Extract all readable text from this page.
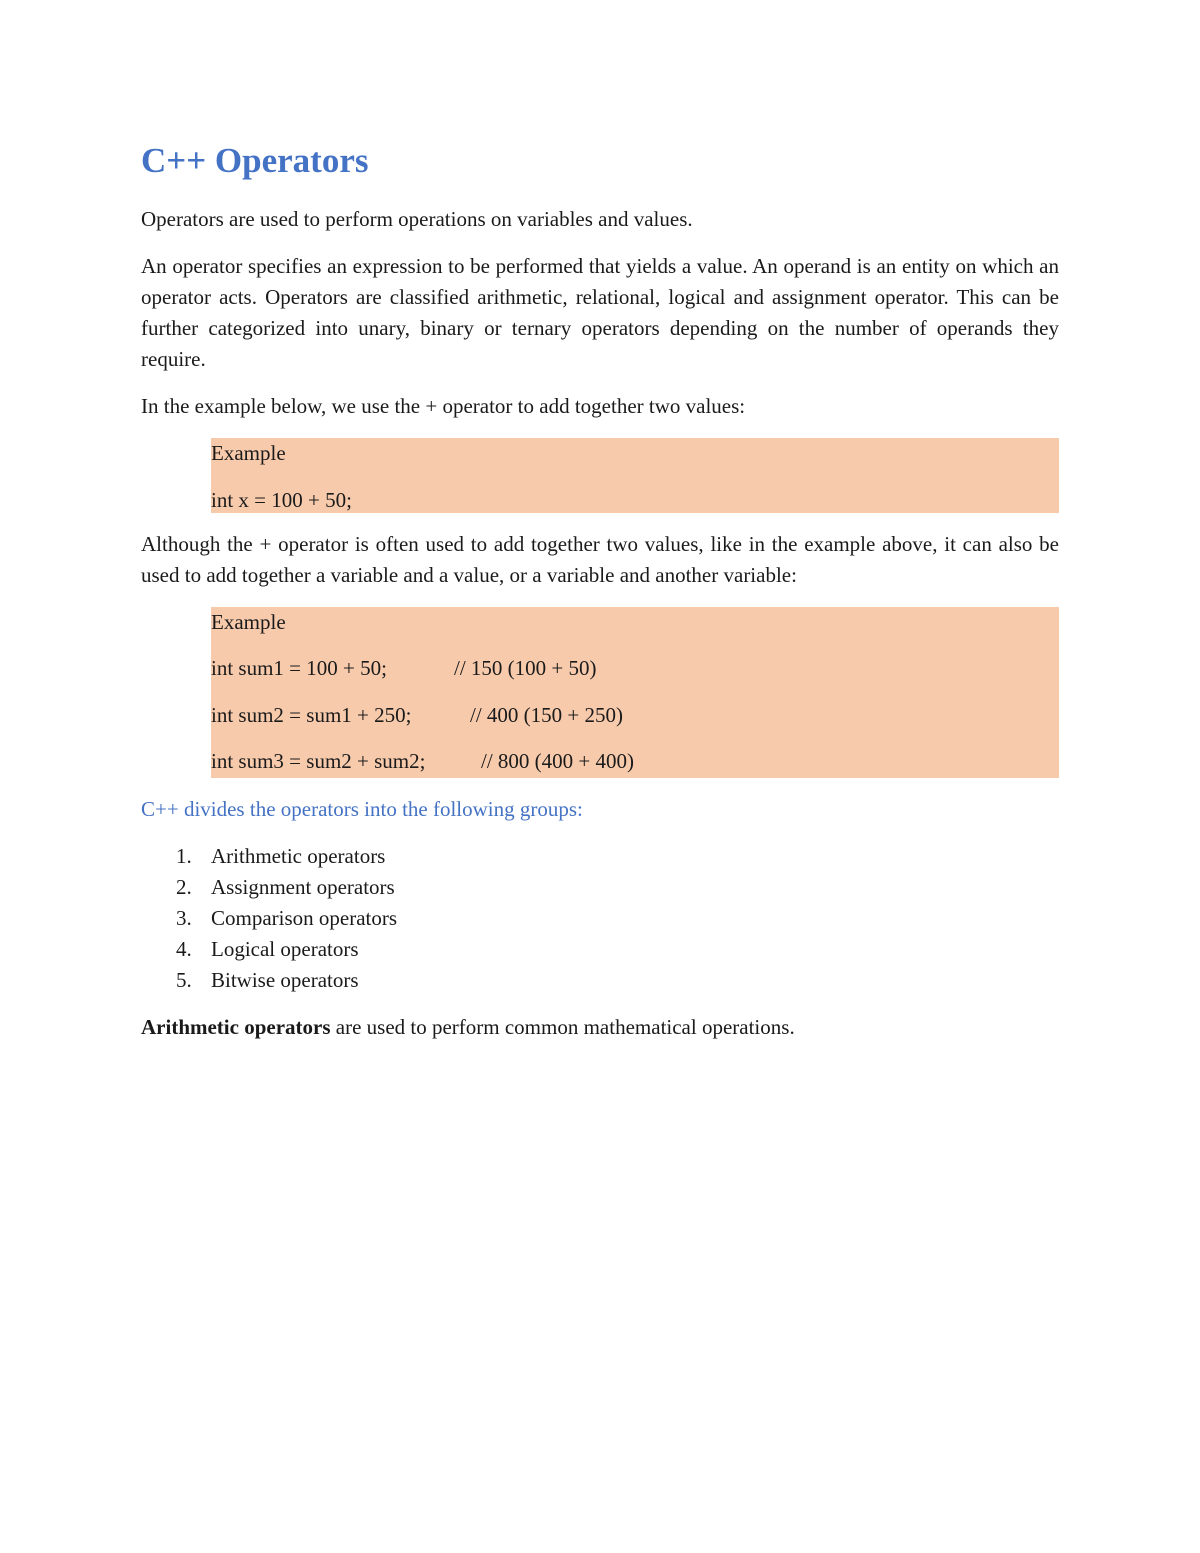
C++ Operators

Operators are used to perform operations on variables and values.

An operator specifies an expression to be performed that yields a value. An operand is an entity on which an operator acts. Operators are classified arithmetic, relational, logical and assignment operator. This can be further categorized into unary, binary or ternary operators depending on the number of operands they require.

In the example below, we use the + operator to add together two values:

Example
int x = 100 + 50;

Although the + operator is often used to add together two values, like in the example above, it can also be used to add together a variable and a value, or a variable and another variable:

Example
int sum1 = 100 + 50;	// 150 (100 + 50)
int sum2 = sum1 + 250;	// 400 (150 + 250)
int sum3 = sum2 + sum2;	// 800 (400 + 400)

C++ divides the operators into the following groups:

1. Arithmetic operators
2. Assignment operators
3. Comparison operators
4. Logical operators
5. Bitwise operators

Arithmetic operators are used to perform common mathematical operations.
